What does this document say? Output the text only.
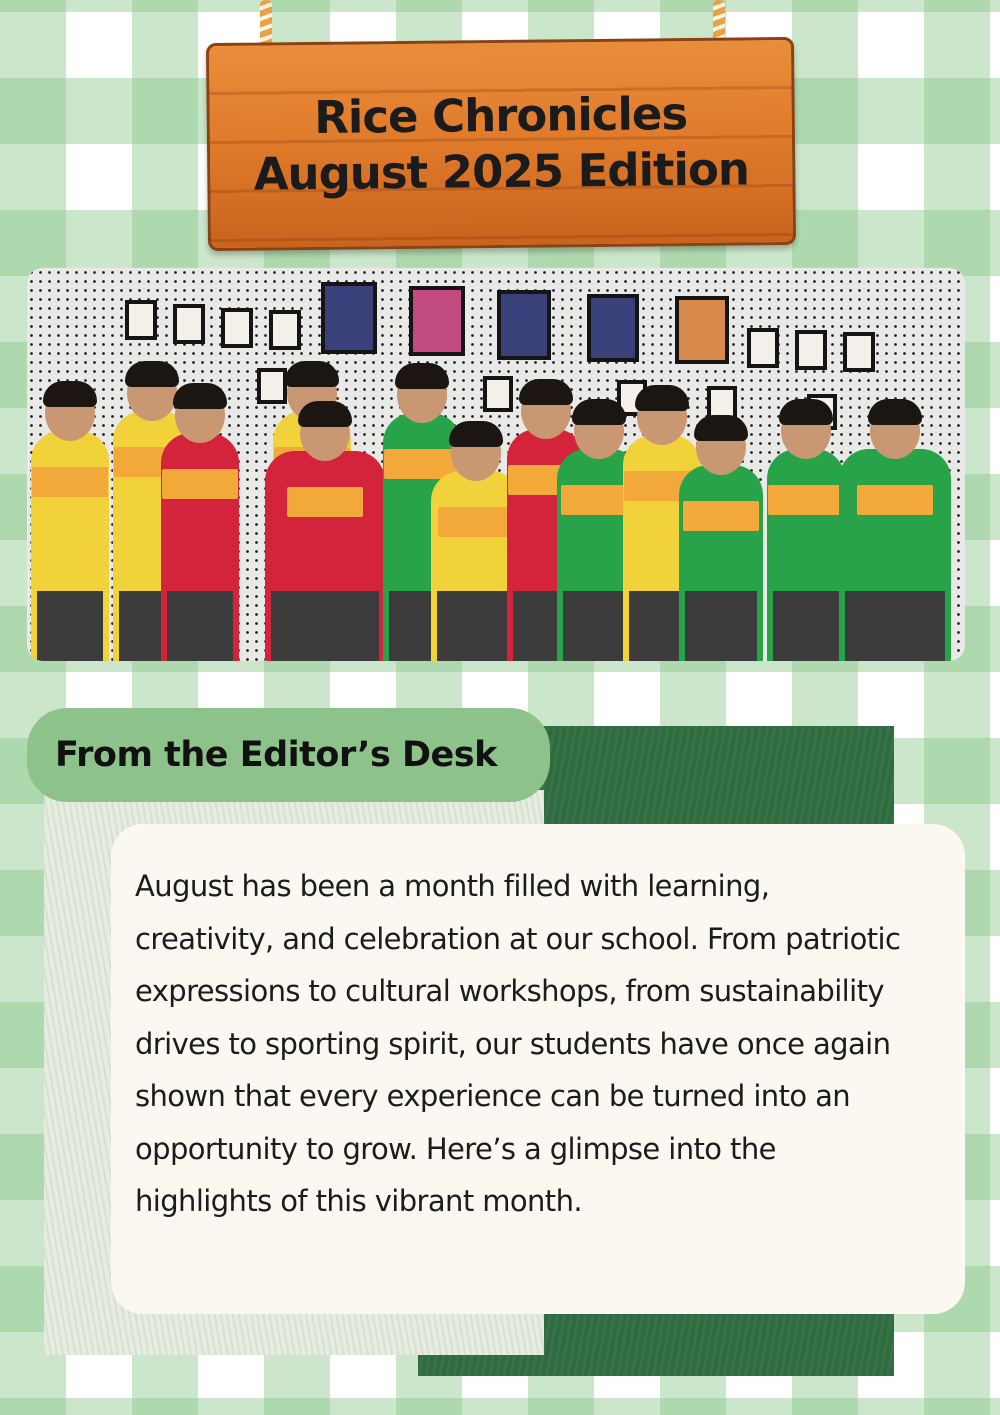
Rice Chronicles
August 2025 Edition
From the Editor’s Desk

August has been a month filled with learning, creativity, and celebration at our school. From patriotic expressions to cultural workshops, from sustainability drives to sporting spirit, our students have once again shown that every experience can be turned into an opportunity to grow. Here’s a glimpse into the highlights of this vibrant month.
